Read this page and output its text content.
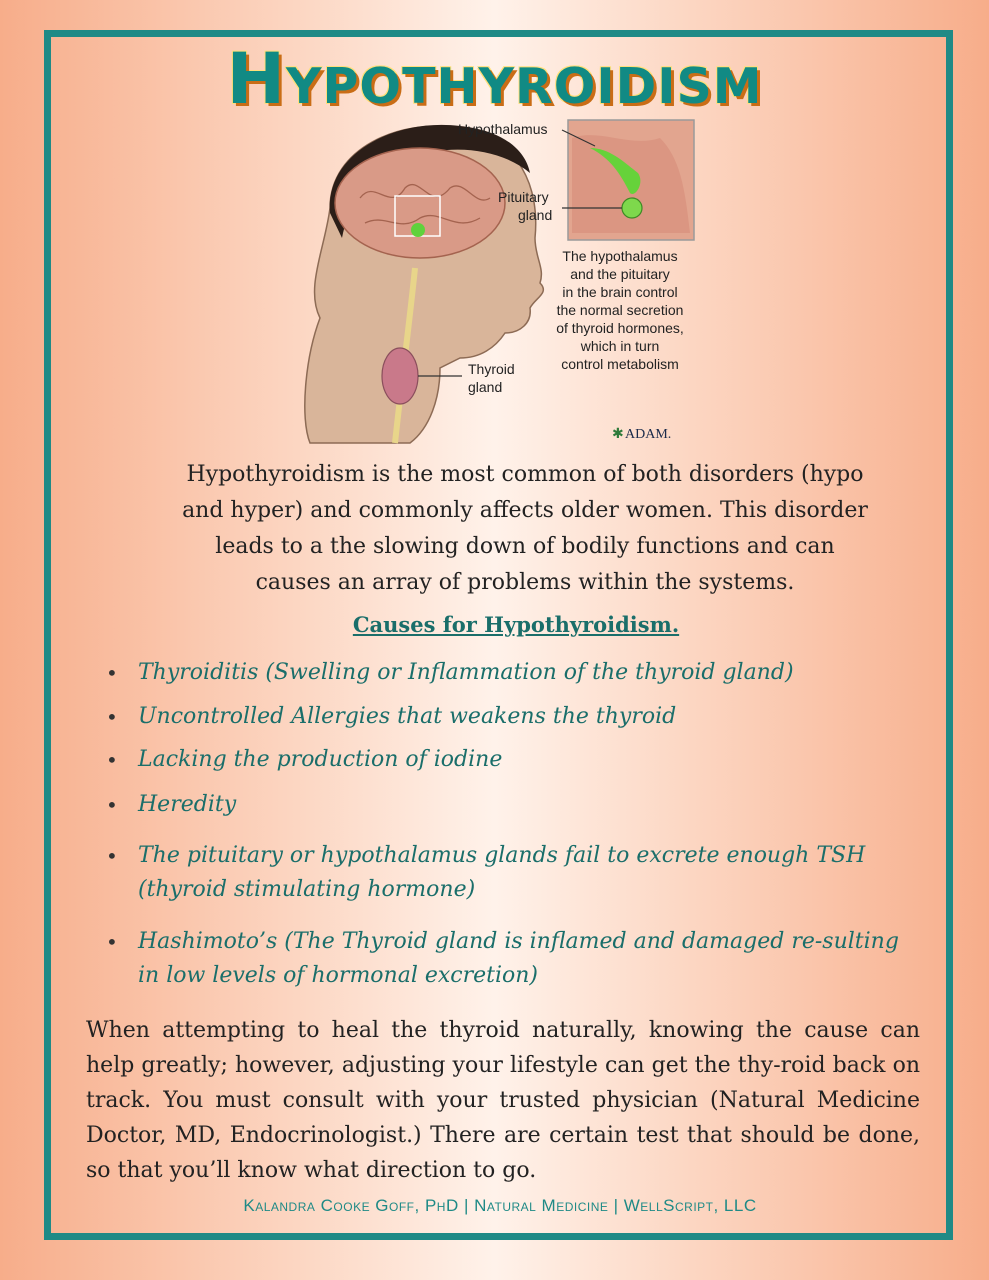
Hypothyroidism
Hypothalamus
Pituitary
gland
Thyroid
gland
The hypothalamus
and the pituitary
in the brain control
the normal secretion
of thyroid hormones,
which in turn
control metabolism
ADAM.
✱
Hypothyroidism is the most common of both disorders (hypo
and hyper) and commonly affects older women. This disorder
leads to a the slowing down of bodily functions and can
causes an array of problems within the systems.
Causes for Hypothyroidism.
• Thyroiditis (Swelling or Inflammation of the thyroid gland)
• Uncontrolled Allergies that weakens the thyroid
• Lacking the production of iodine
• Heredity
• The pituitary or hypothalamus glands fail to excrete enough TSH (thyroid stimulating hormone)
• Hashimoto’s (The Thyroid gland is inflamed and damaged re-sulting in low levels of hormonal excretion)
When attempting to heal the thyroid naturally, knowing the cause can help greatly; however, adjusting your lifestyle can get the thy-roid back on track. You must consult with your trusted physician (Natural Medicine Doctor, MD, Endocrinologist.) There are certain test that should be done, so that you’ll know what direction to go.
Kalandra Cooke Goff, PhD | Natural Medicine | WellScript, LLC
